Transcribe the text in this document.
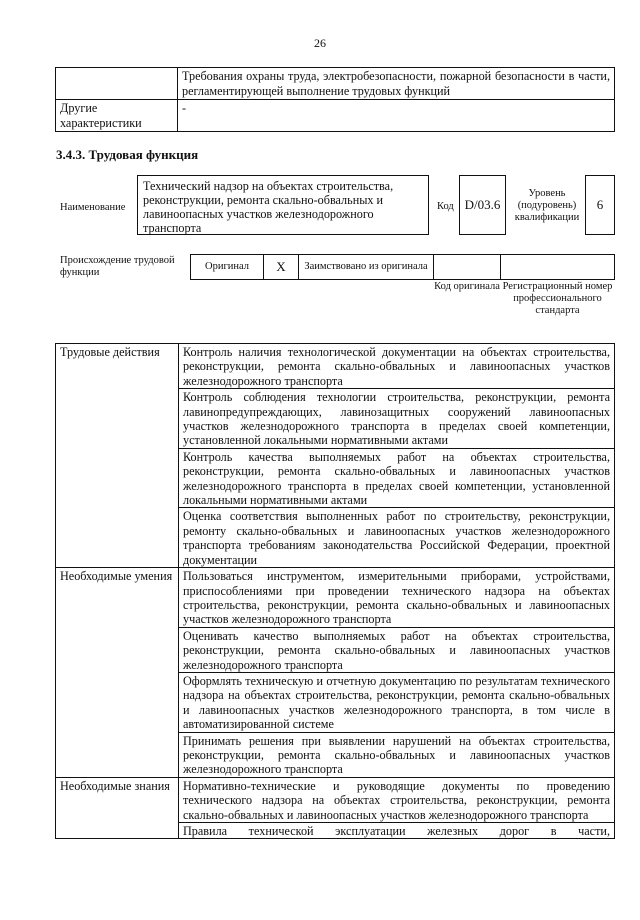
26
	Требования охраны труда, электробезопасности, пожарной безопасности в части, регламентирующей выполнение трудовых функций
Другие характеристики	-
3.4.3. Трудовая функция
Наименование
Технический надзор на объектах строительства, реконструкции, ремонта скально-обвальных и лавиноопасных участков железнодорожного транспорта
Код D/03.6
Уровень (подуровень) квалификации
6
Происхождение трудовой функции
Оригинал X Заимствовано из оригинала
Код оригинала Регистрационный номер профессионального стандарта
Трудовые действия	Контроль наличия технологической документации на объектах строительства, реконструкции, ремонта скально-обвальных и лавиноопасных участков железнодорожного транспорта
	Контроль соблюдения технологии строительства, реконструкции, ремонта лавинопредупреждающих, лавинозащитных сооружений лавиноопасных участков железнодорожного транспорта в пределах своей компетенции, установленной локальными нормативными актами
	Контроль качества выполняемых работ на объектах строительства, реконструкции, ремонта скально-обвальных и лавиноопасных участков железнодорожного транспорта в пределах своей компетенции, установленной локальными нормативными актами
	Оценка соответствия выполненных работ по строительству, реконструкции, ремонту скально-обвальных и лавиноопасных участков железнодорожного транспорта требованиям законодательства Российской Федерации, проектной документации
Необходимые умения	Пользоваться инструментом, измерительными приборами, устройствами, приспособлениями при проведении технического надзора на объектах строительства, реконструкции, ремонта скально-обвальных и лавиноопасных участков железнодорожного транспорта
	Оценивать качество выполняемых работ на объектах строительства, реконструкции, ремонта скально-обвальных и лавиноопасных участков железнодорожного транспорта
	Оформлять техническую и отчетную документацию по результатам технического надзора на объектах строительства, реконструкции, ремонта скально-обвальных и лавиноопасных участков железнодорожного транспорта, в том числе в автоматизированной системе
	Принимать решения при выявлении нарушений на объектах строительства, реконструкции, ремонта скально-обвальных и лавиноопасных участков железнодорожного транспорта
Необходимые знания	Нормативно-технические и руководящие документы по проведению технического надзора на объектах строительства, реконструкции, ремонта скально-обвальных и лавиноопасных участков железнодорожного транспорта
	Правила технической эксплуатации железных дорог в части,
